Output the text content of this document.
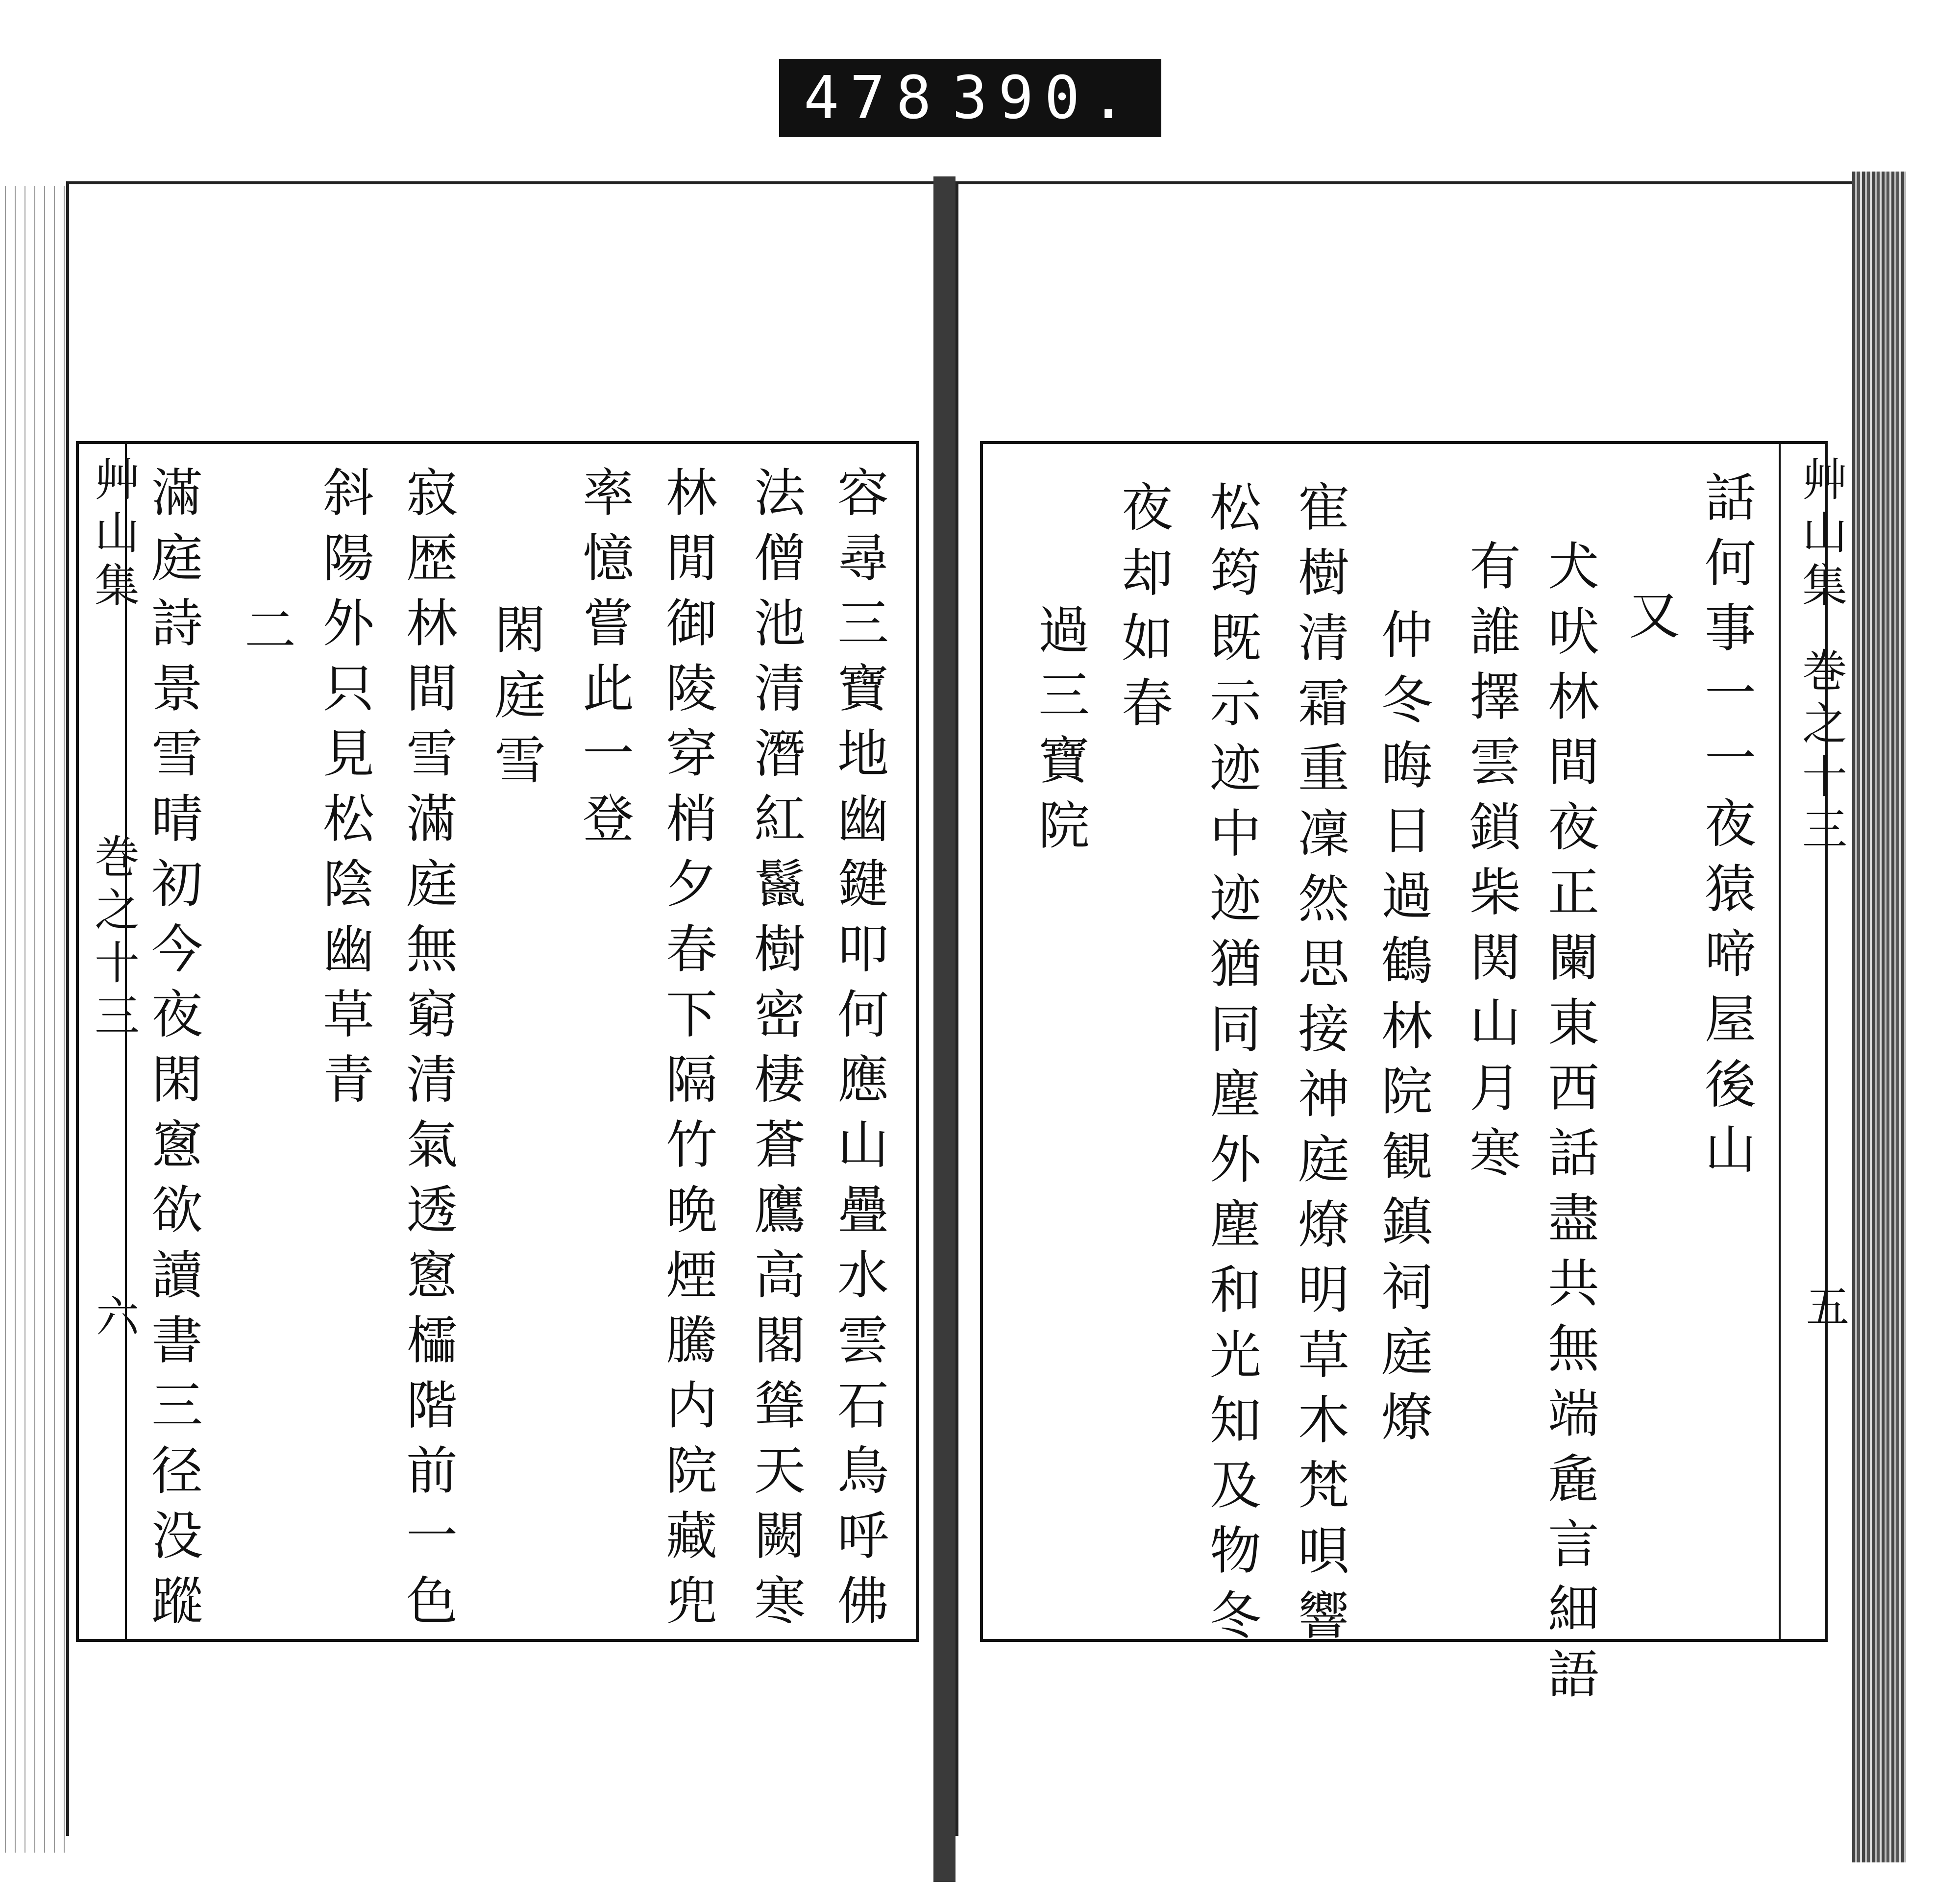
478 390.
艸山集
巻之十三
五
話何事一一夜猿啼屋後山
又
犬吠林間夜正闌東西話盡共無端麁言細語
有誰擇雲鎖柴関山月寒
仲冬晦日過鶴林院観鎮祠庭燎
寉樹清霜重凜然思接神庭燎明草木梵唄響
松筠既示迹中迹猶同塵外塵和光知及物冬
夜却如春
過三寶院
艸山集
巻之十三
六	容尋三寶地幽鍵叩何應山疊水雲石鳥呼佛
法僧池清潛紅鬣樹密棲蒼鷹高閣聳天闕寒
林閒御陵穿梢夕春下隔竹晩煙騰内院藏兜
率憶嘗此一登
閑庭雪
寂歴林間雪滿庭無窮清氣透窻櫺階前一色
斜陽外只見松陰幽草青
二
滿庭詩景雪晴初今夜閑窻欲讀書三径没蹤
